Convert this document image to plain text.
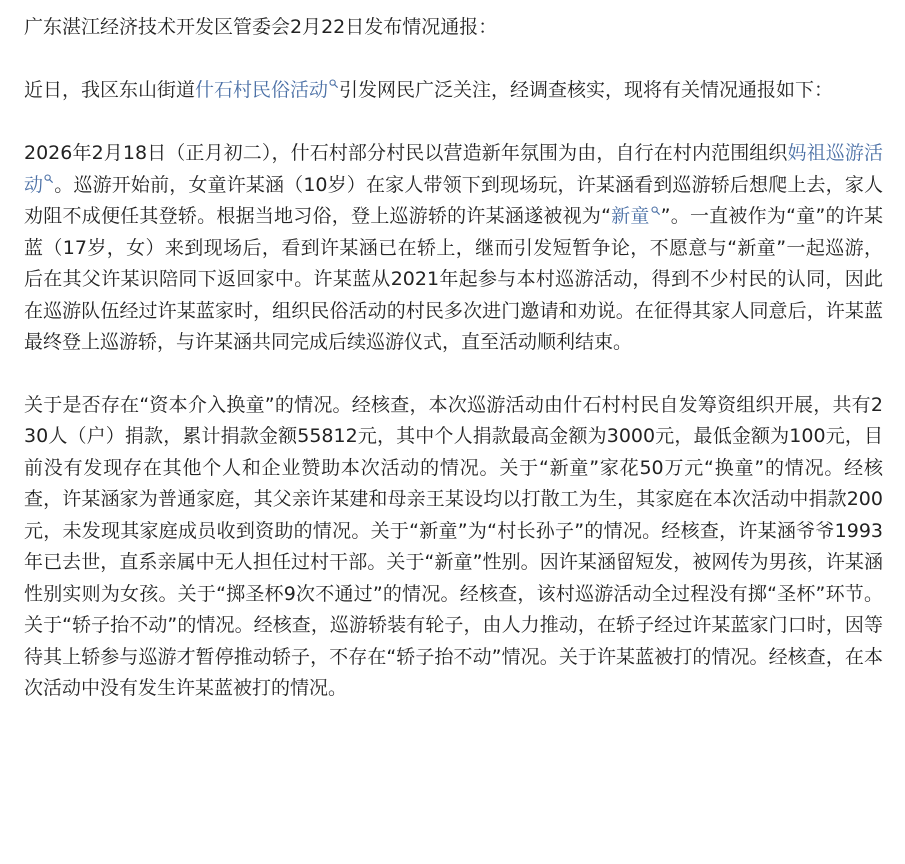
广东湛江经济技术开发区管委会2月22日发布情况通报：

近日，我区东山街道什石村民俗活动 引发网民广泛关注，经调查核实，现将有关情况通报如下：

2026年2月18日（正月初二），什石村部分村民以营造新年氛围为由，自行在村内范围组织妈祖巡游活动 。巡游开始前，女童许某涵（10岁）在家人带领下到现场玩，许某涵看到巡游轿后想爬上去，家人劝阻不成便任其登轿。根据当地习俗，登上巡游轿的许某涵遂被视为“新童 ”。一直被作为“童”的许某蓝（17岁，女）来到现场后，看到许某涵已在轿上，继而引发短暂争论，不愿意与“新童”一起巡游，后在其父许某识陪同下返回家中。许某蓝从2021年起参与本村巡游活动，得到不少村民的认同，因此在巡游队伍经过许某蓝家时，组织民俗活动的村民多次进门邀请和劝说。在征得其家人同意后，许某蓝最终登上巡游轿，与许某涵共同完成后续巡游仪式，直至活动顺利结束。

关于是否存在“资本介入换童”的情况。经核查，本次巡游活动由什石村村民自发筹资组织开展，共有230人（户）捐款，累计捐款金额55812元，其中个人捐款最高金额为3000元，最低金额为100元，目前没有发现存在其他个人和企业赞助本次活动的情况。关于“新童”家花50万元“换童”的情况。经核查，许某涵家为普通家庭，其父亲许某建和母亲王某设均以打散工为生，其家庭在本次活动中捐款200元，未发现其家庭成员收到资助的情况。关于“新童”为“村长孙子”的情况。经核查，许某涵爷爷1993年已去世，直系亲属中无人担任过村干部。关于“新童”性别。因许某涵留短发，被网传为男孩，许某涵性别实则为女孩。关于“掷圣杯9次不通过”的情况。经核查，该村巡游活动全过程没有掷“圣杯”环节。关于“轿子抬不动”的情况。经核查，巡游轿装有轮子，由人力推动，在轿子经过许某蓝家门口时，因等待其上轿参与巡游才暂停推动轿子，不存在“轿子抬不动”情况。关于许某蓝被打的情况。经核查，在本次活动中没有发生许某蓝被打的情况。
